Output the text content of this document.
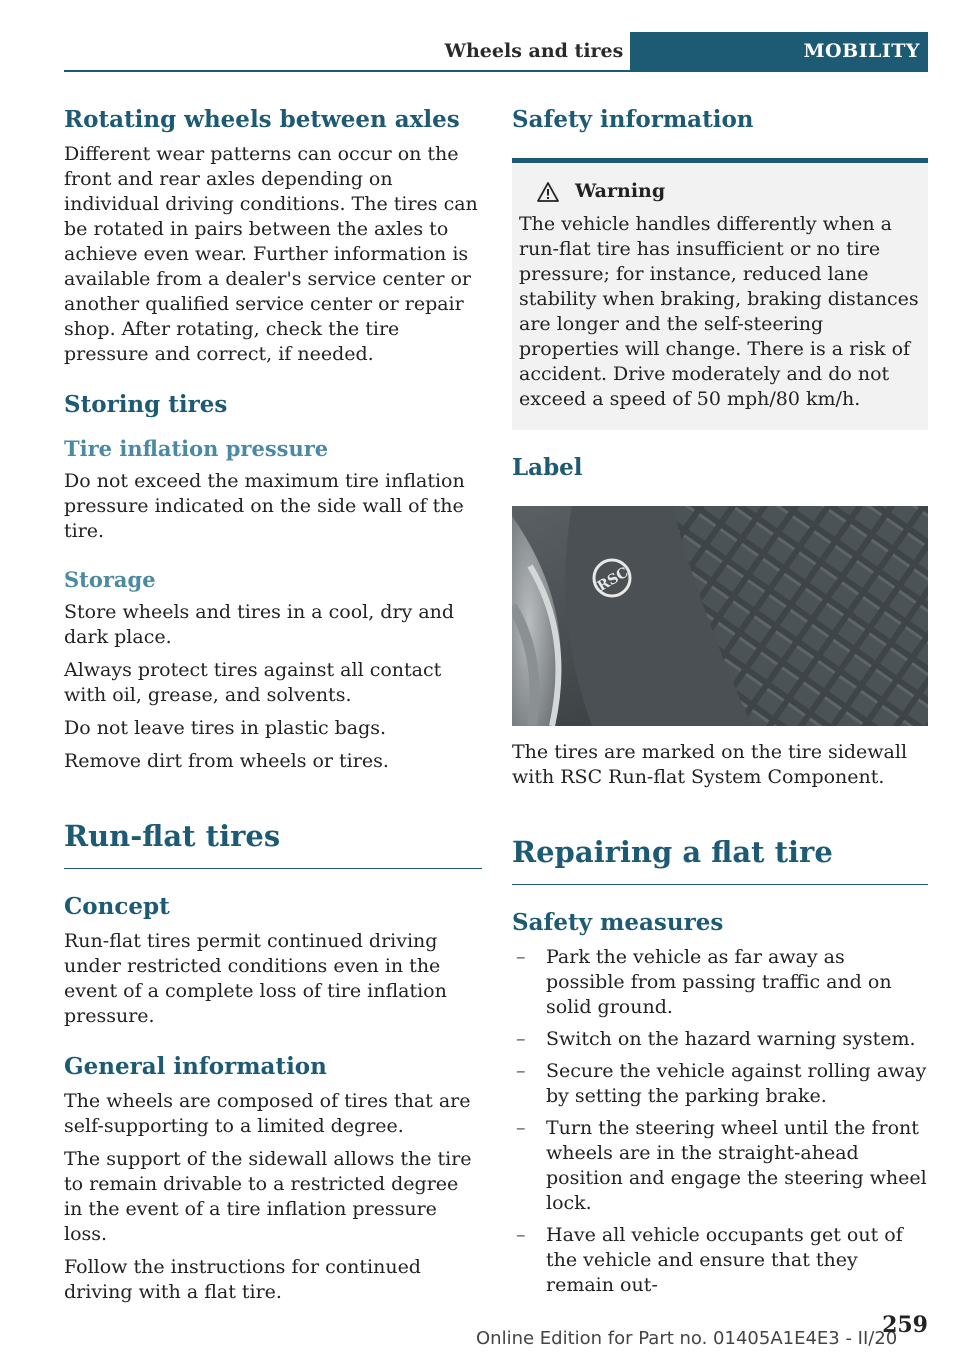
Wheels and tires	MOBILITY
Rotating wheels between axles

Different wear patterns can occur on the front and rear axles depending on individual driving conditions. The tires can be rotated in pairs between the axles to achieve even wear. Further information is available from a dealer's service center or another qualified service center or repair shop. After rotating, check the tire pressure and correct, if needed.

Storing tires
Tire inflation pressure

Do not exceed the maximum tire inflation pressure indicated on the side wall of the tire.

Storage

Store wheels and tires in a cool, dry and dark place.

Always protect tires against all contact with oil, grease, and solvents.

Do not leave tires in plastic bags.

Remove dirt from wheels or tires.

Run-flat tires
Concept

Run-flat tires permit continued driving under restricted conditions even in the event of a complete loss of tire inflation pressure.

General information

The wheels are composed of tires that are self-supporting to a limited degree.

The support of the sidewall allows the tire to remain drivable to a restricted degree in the event of a tire inflation pressure loss.

Follow the instructions for continued driving with a flat tire.

Safety information
Warning

The vehicle handles differently when a run-flat tire has insufficient or no tire pressure; for instance, reduced lane stability when braking, braking distances are longer and the self-steering properties will change. There is a risk of accident. Drive moderately and do not exceed a speed of 50 mph/80 km/h.

Label
RSC

The tires are marked on the tire sidewall with RSC Run-flat System Component.

Repairing a flat tire
Safety measures
– Park the vehicle as far away as possible from passing traffic and on solid ground.
– Switch on the hazard warning system.
– Secure the vehicle against rolling away by setting the parking brake.
– Turn the steering wheel until the front wheels are in the straight-ahead position and engage the steering wheel lock.
– Have all vehicle occupants get out of the vehicle and ensure that they remain out-
Online Edition for Part no. 01405A1E4E3 - II/20
259
